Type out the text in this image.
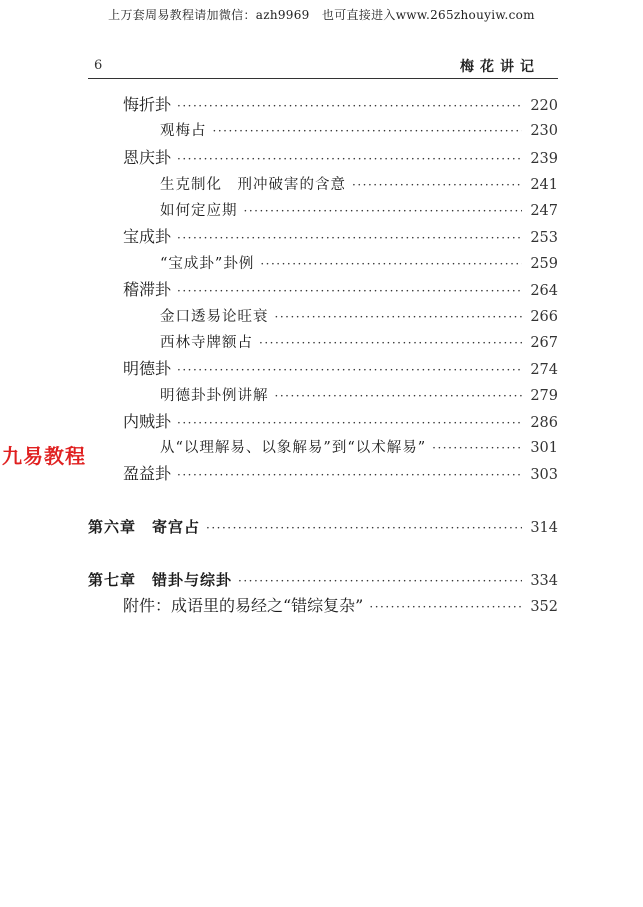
上万套周易教程请加微信：azh9969　也可直接进入www.265zhouyiw.com
6	梅花讲记
九易教程
悔折卦 ·····	220
观梅占 ·····	230
恩庆卦 ·····	239
生克制化　刑冲破害的含意 ·····	241
如何定应期 ·····	247
宝成卦 ·····	253
“宝成卦”卦例 ·····	259
稽滞卦 ·····	264
金口透易论旺衰 ·····	266
西林寺牌额占 ·····	267
明德卦 ·····	274
明德卦卦例讲解 ·····	279
内贼卦 ·····	286
从“以理解易、以象解易”到“以术解易” ·····	301
盈益卦 ·····	303
第六章　寄宫占 ·····	314
第七章　错卦与综卦 ·····	334
附件：成语里的易经之“错综复杂” ·····	352
